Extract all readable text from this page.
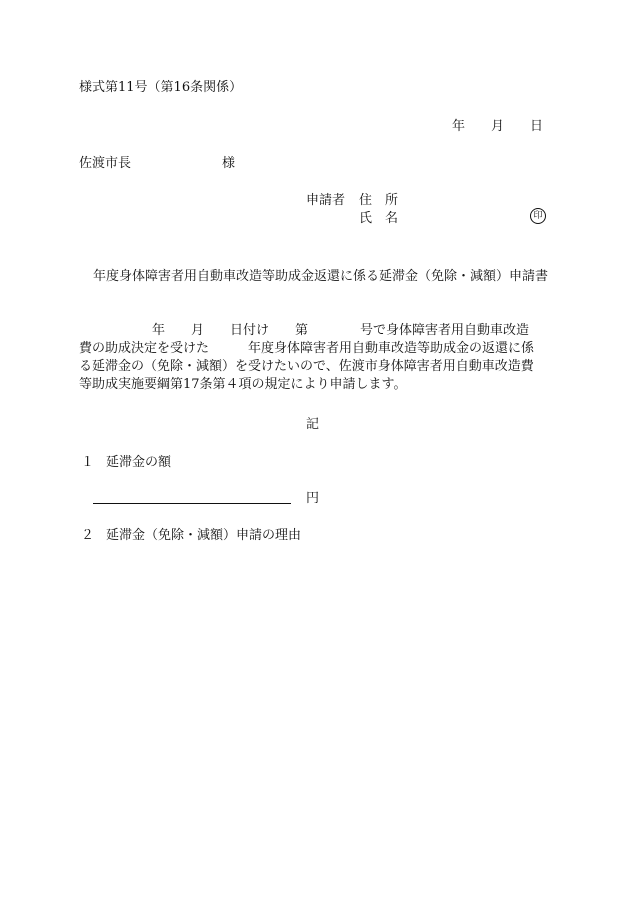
様式第11号（第16条関係）
年　　月　　日
佐渡市長　　　　　　　様
申請者 住　所
氏　名	印
年度身体障害者用自動車改造等助成金返還に係る延滞金（免除・減額）申請書
年　　月　　日付け　　第　　　　号で身体障害者用自動車改造
費の助成決定を受けた　　　年度身体障害者用自動車改造等助成金の返還に係
る延滞金の（免除・減額）を受けたいので、佐渡市身体障害者用自動車改造費
等助成実施要綱第17条第４項の規定により申請します。
記
１ 延滞金の額
円
２ 延滞金（免除・減額）申請の理由
